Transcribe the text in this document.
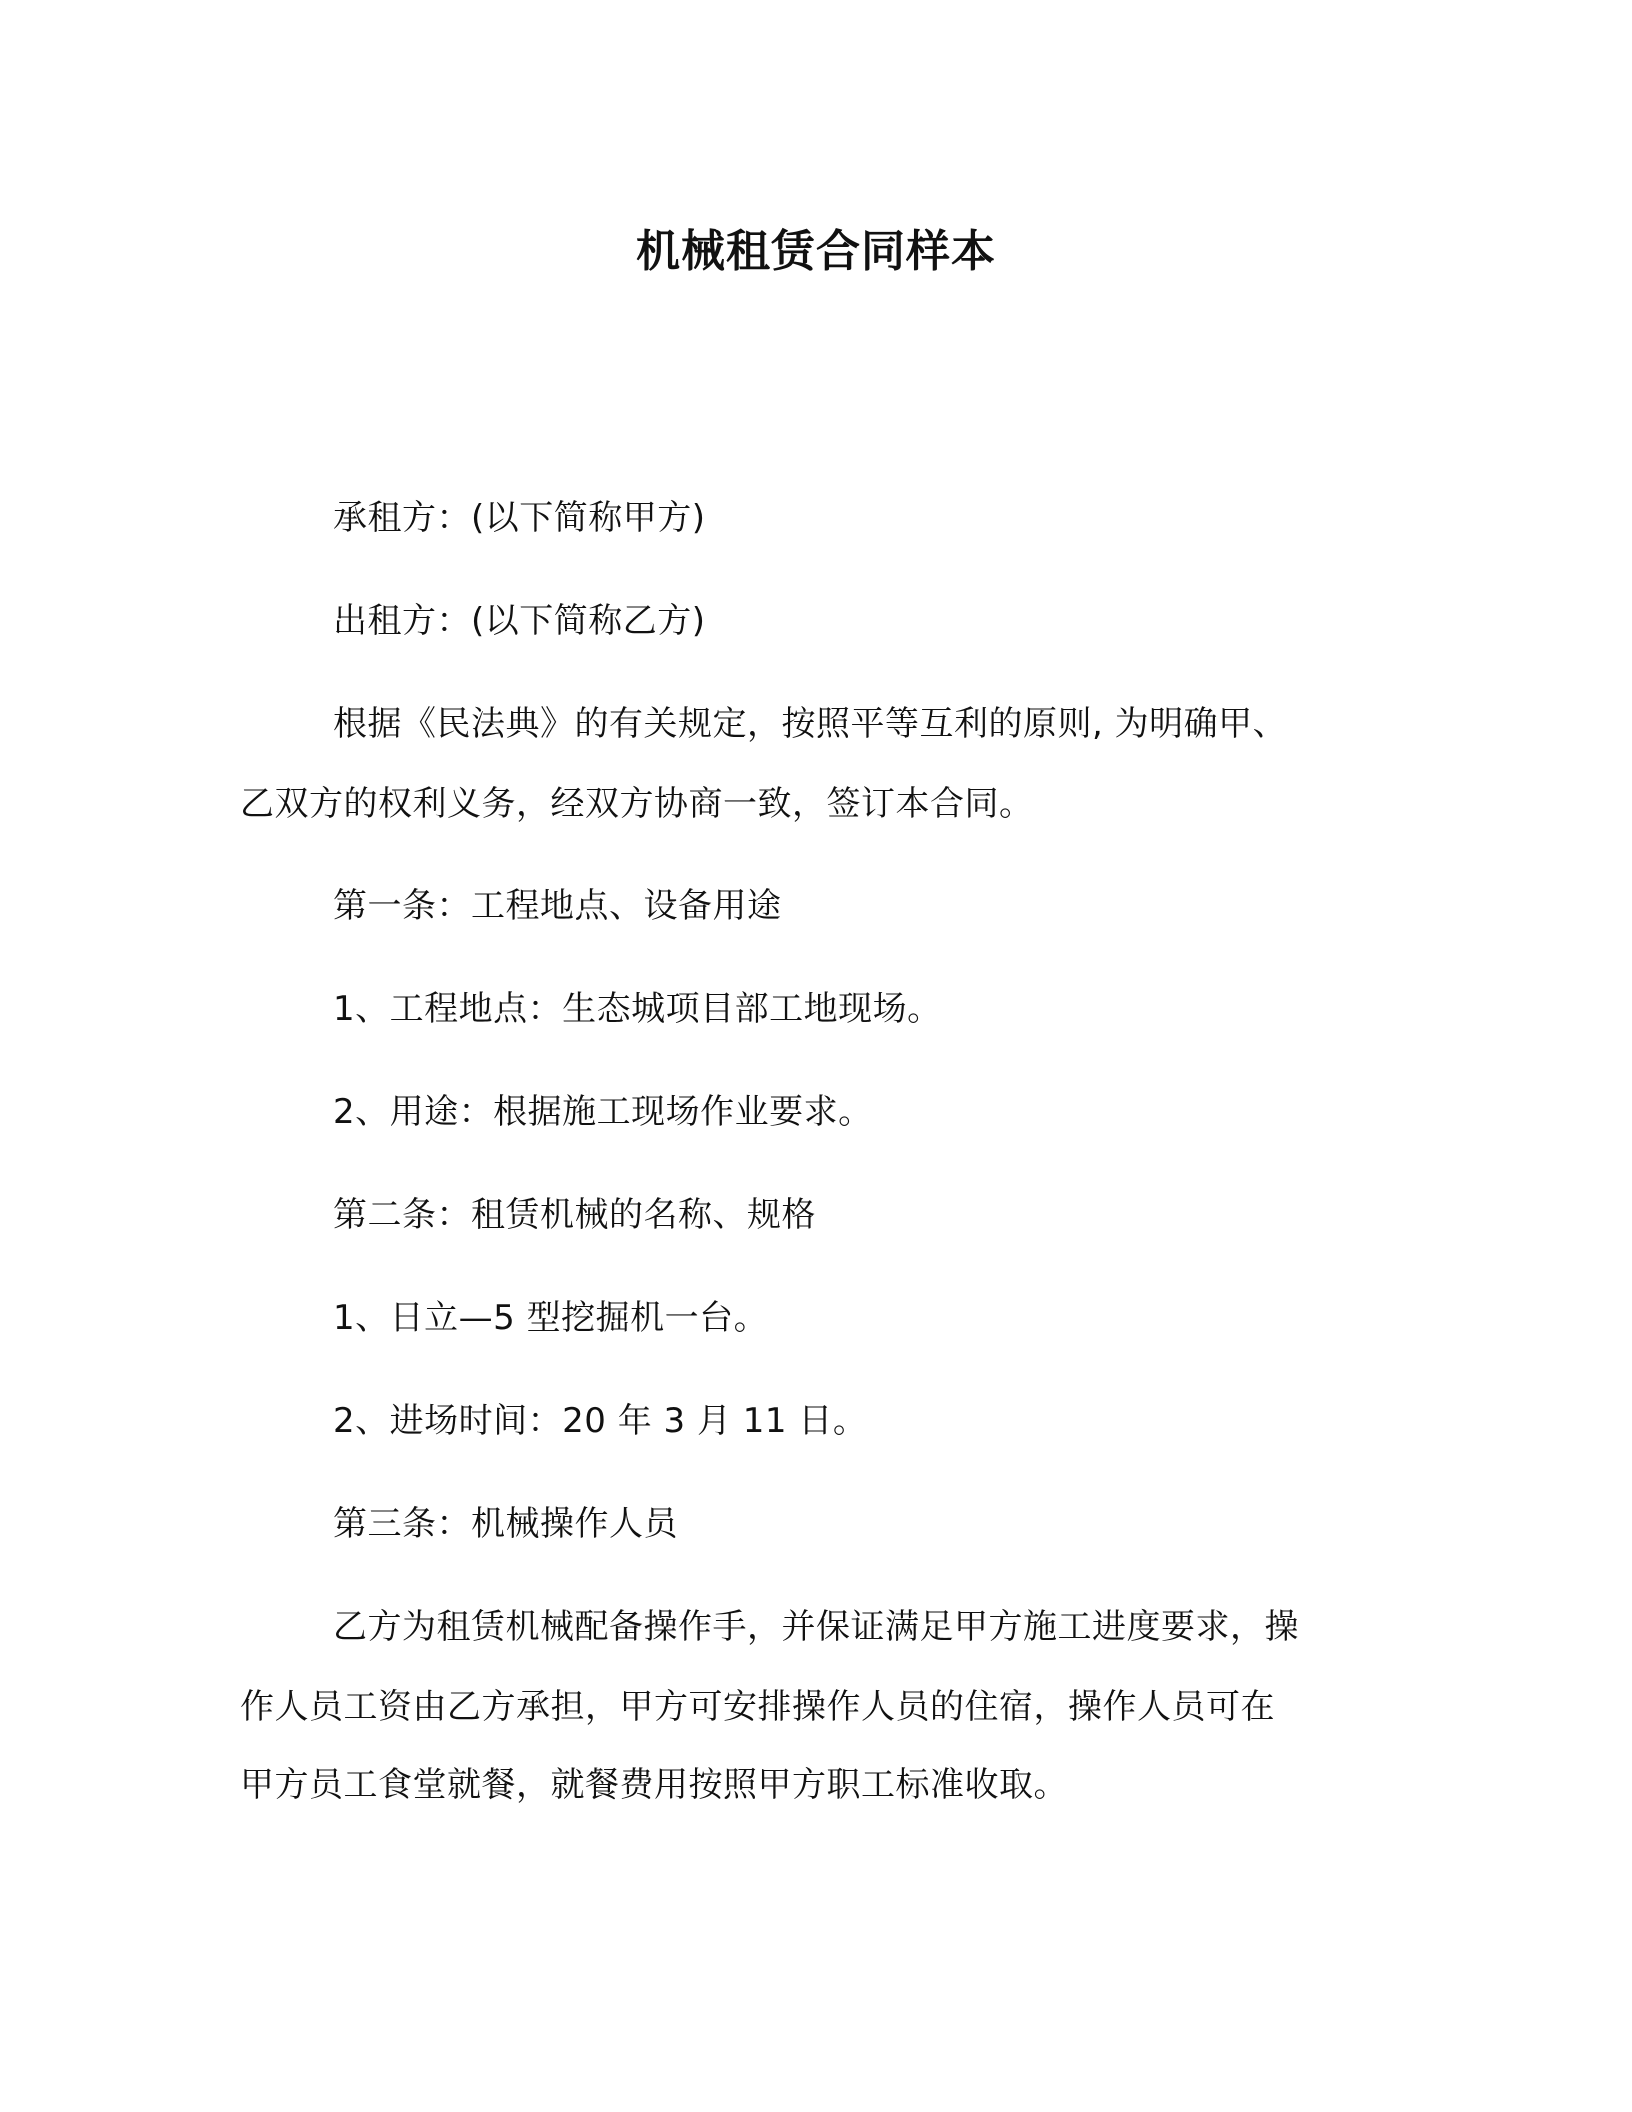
机械租赁合同样本
承租方：(以下简称甲方)
出租方：(以下简称乙方)
根据《民法典》的有关规定，按照平等互利的原则, 为明确甲、
乙双方的权利义务，经双方协商一致，签订本合同。
第一条：工程地点、设备用途
1、工程地点：生态城项目部工地现场。
2、用途：根据施工现场作业要求。
第二条：租赁机械的名称、规格
1、日立—5 型挖掘机一台。
2、进场时间：20 年 3 月 11 日。
第三条：机械操作人员
乙方为租赁机械配备操作手，并保证满足甲方施工进度要求，操
作人员工资由乙方承担，甲方可安排操作人员的住宿，操作人员可在
甲方员工食堂就餐，就餐费用按照甲方职工标准收取。
